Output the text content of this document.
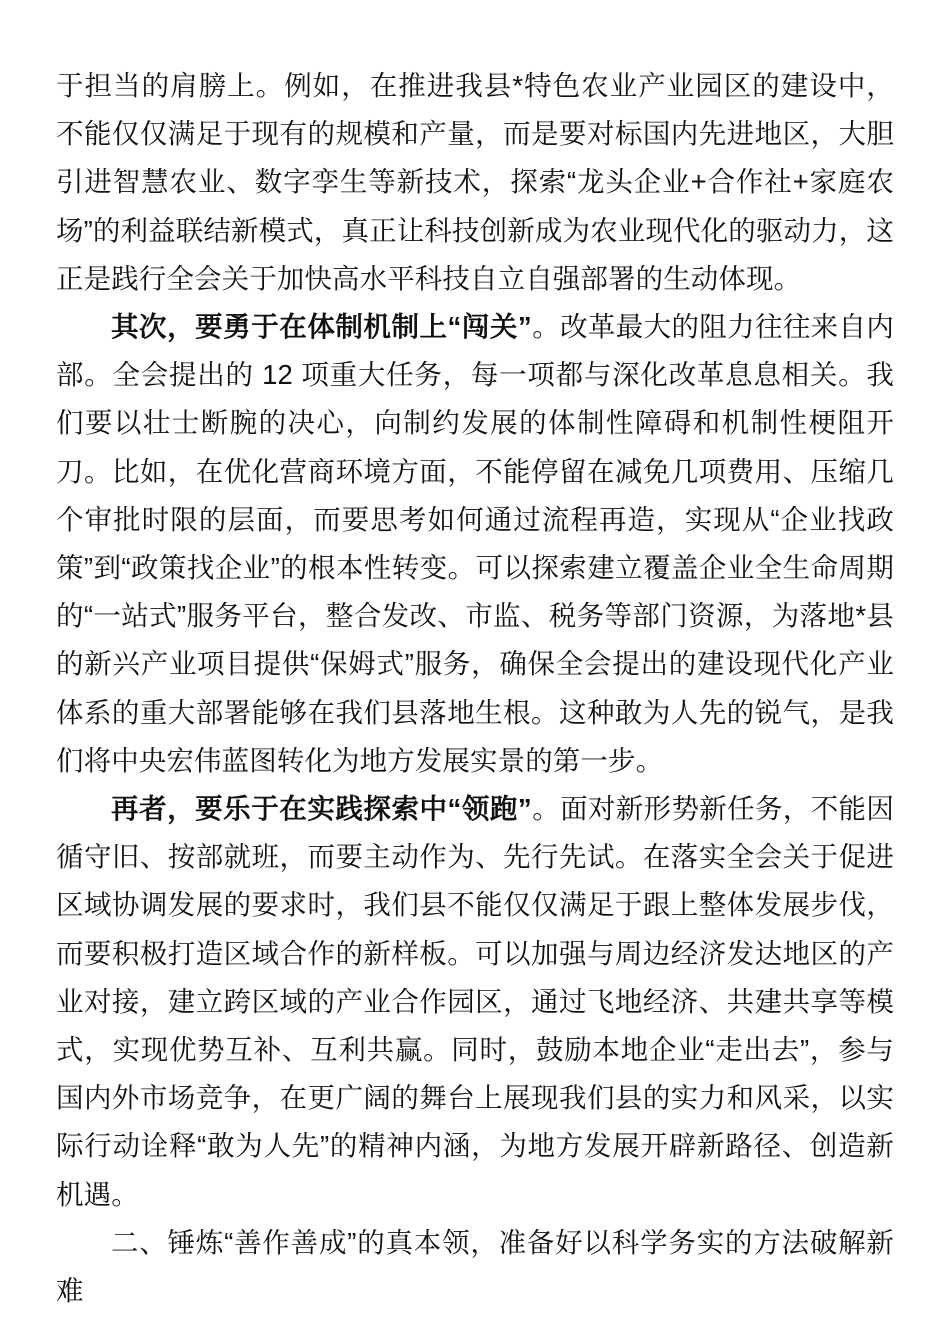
于担当的肩膀上。例如，在推进我县*特色农业产业园区的建设中，不能仅仅满足于现有的规模和产量，而是要对标国内先进地区，大胆引进智慧农业、数字孪生等新技术，探索“龙头企业+合作社+家庭农场”的利益联结新模式，真正让科技创新成为农业现代化的驱动力，这正是践行全会关于加快高水平科技自立自强部署的生动体现。

其次，要勇于在体制机制上“闯关”。改革最大的阻力往往来自内部。全会提出的 12 项重大任务，每一项都与深化改革息息相关。我们要以壮士断腕的决心，向制约发展的体制性障碍和机制性梗阻开刀。比如，在优化营商环境方面，不能停留在减免几项费用、压缩几个审批时限的层面，而要思考如何通过流程再造，实现从“企业找政策”到“政策找企业”的根本性转变。可以探索建立覆盖企业全生命周期的“一站式”服务平台，整合发改、市监、税务等部门资源，为落地*县的新兴产业项目提供“保姆式”服务，确保全会提出的建设现代化产业体系的重大部署能够在我们县落地生根。这种敢为人先的锐气，是我们将中央宏伟蓝图转化为地方发展实景的第一步。

再者，要乐于在实践探索中“领跑”。面对新形势新任务，不能因循守旧、按部就班，而要主动作为、先行先试。在落实全会关于促进区域协调发展的要求时，我们县不能仅仅满足于跟上整体发展步伐，而要积极打造区域合作的新样板。可以加强与周边经济发达地区的产业对接，建立跨区域的产业合作园区，通过飞地经济、共建共享等模式，实现优势互补、互利共赢。同时，鼓励本地企业“走出去”，参与国内外市场竞争，在更广阔的舞台上展现我们县的实力和风采，以实际行动诠释“敢为人先”的精神内涵，为地方发展开辟新路径、创造新机遇。

二、锤炼“善作善成”的真本领，准备好以科学务实的方法破解新难
